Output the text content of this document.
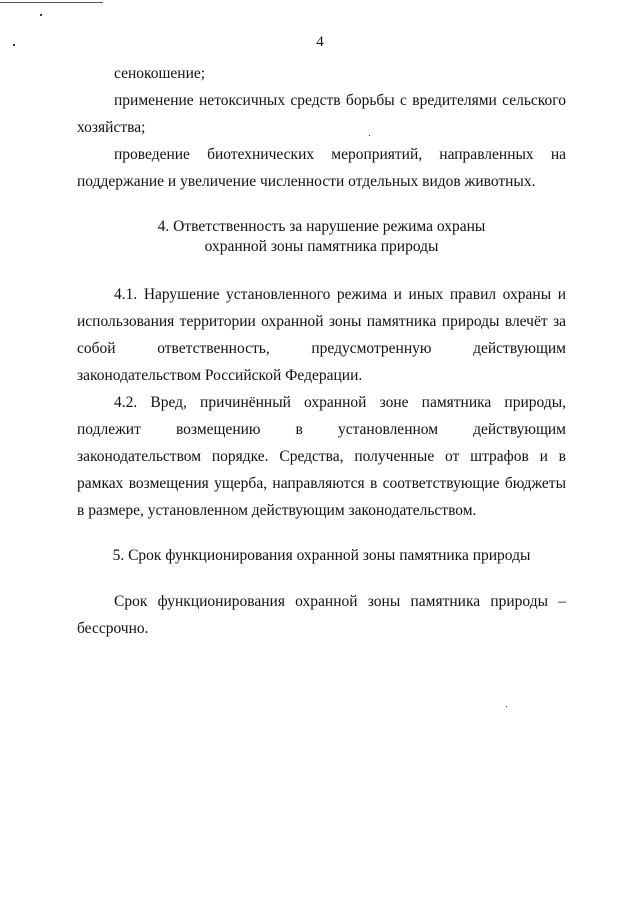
4

сенокошение;

применение нетоксичных средств борьбы с вредителями сельского хозяйства;

проведение биотехнических мероприятий, направленных на поддержание и увеличение численности отдельных видов животных.

4. Ответственность за нарушение режима охраны

охранной зоны памятника природы

4.1. Нарушение установленного режима и иных правил охраны и использования территории охранной зоны памятника природы влечёт за собой ответственность, предусмотренную действующим законодательством Российской Федерации.

4.2. Вред, причинённый охранной зоне памятника природы, подлежит возмещению в установленном действующим законодательством порядке. Средства, полученные от штрафов и в рамках возмещения ущерба, направляются в соответствующие бюджеты в размере, установленном действующим законодательством.

5. Срок функционирования охранной зоны памятника природы

Срок функционирования охранной зоны памятника природы – бессрочно.
